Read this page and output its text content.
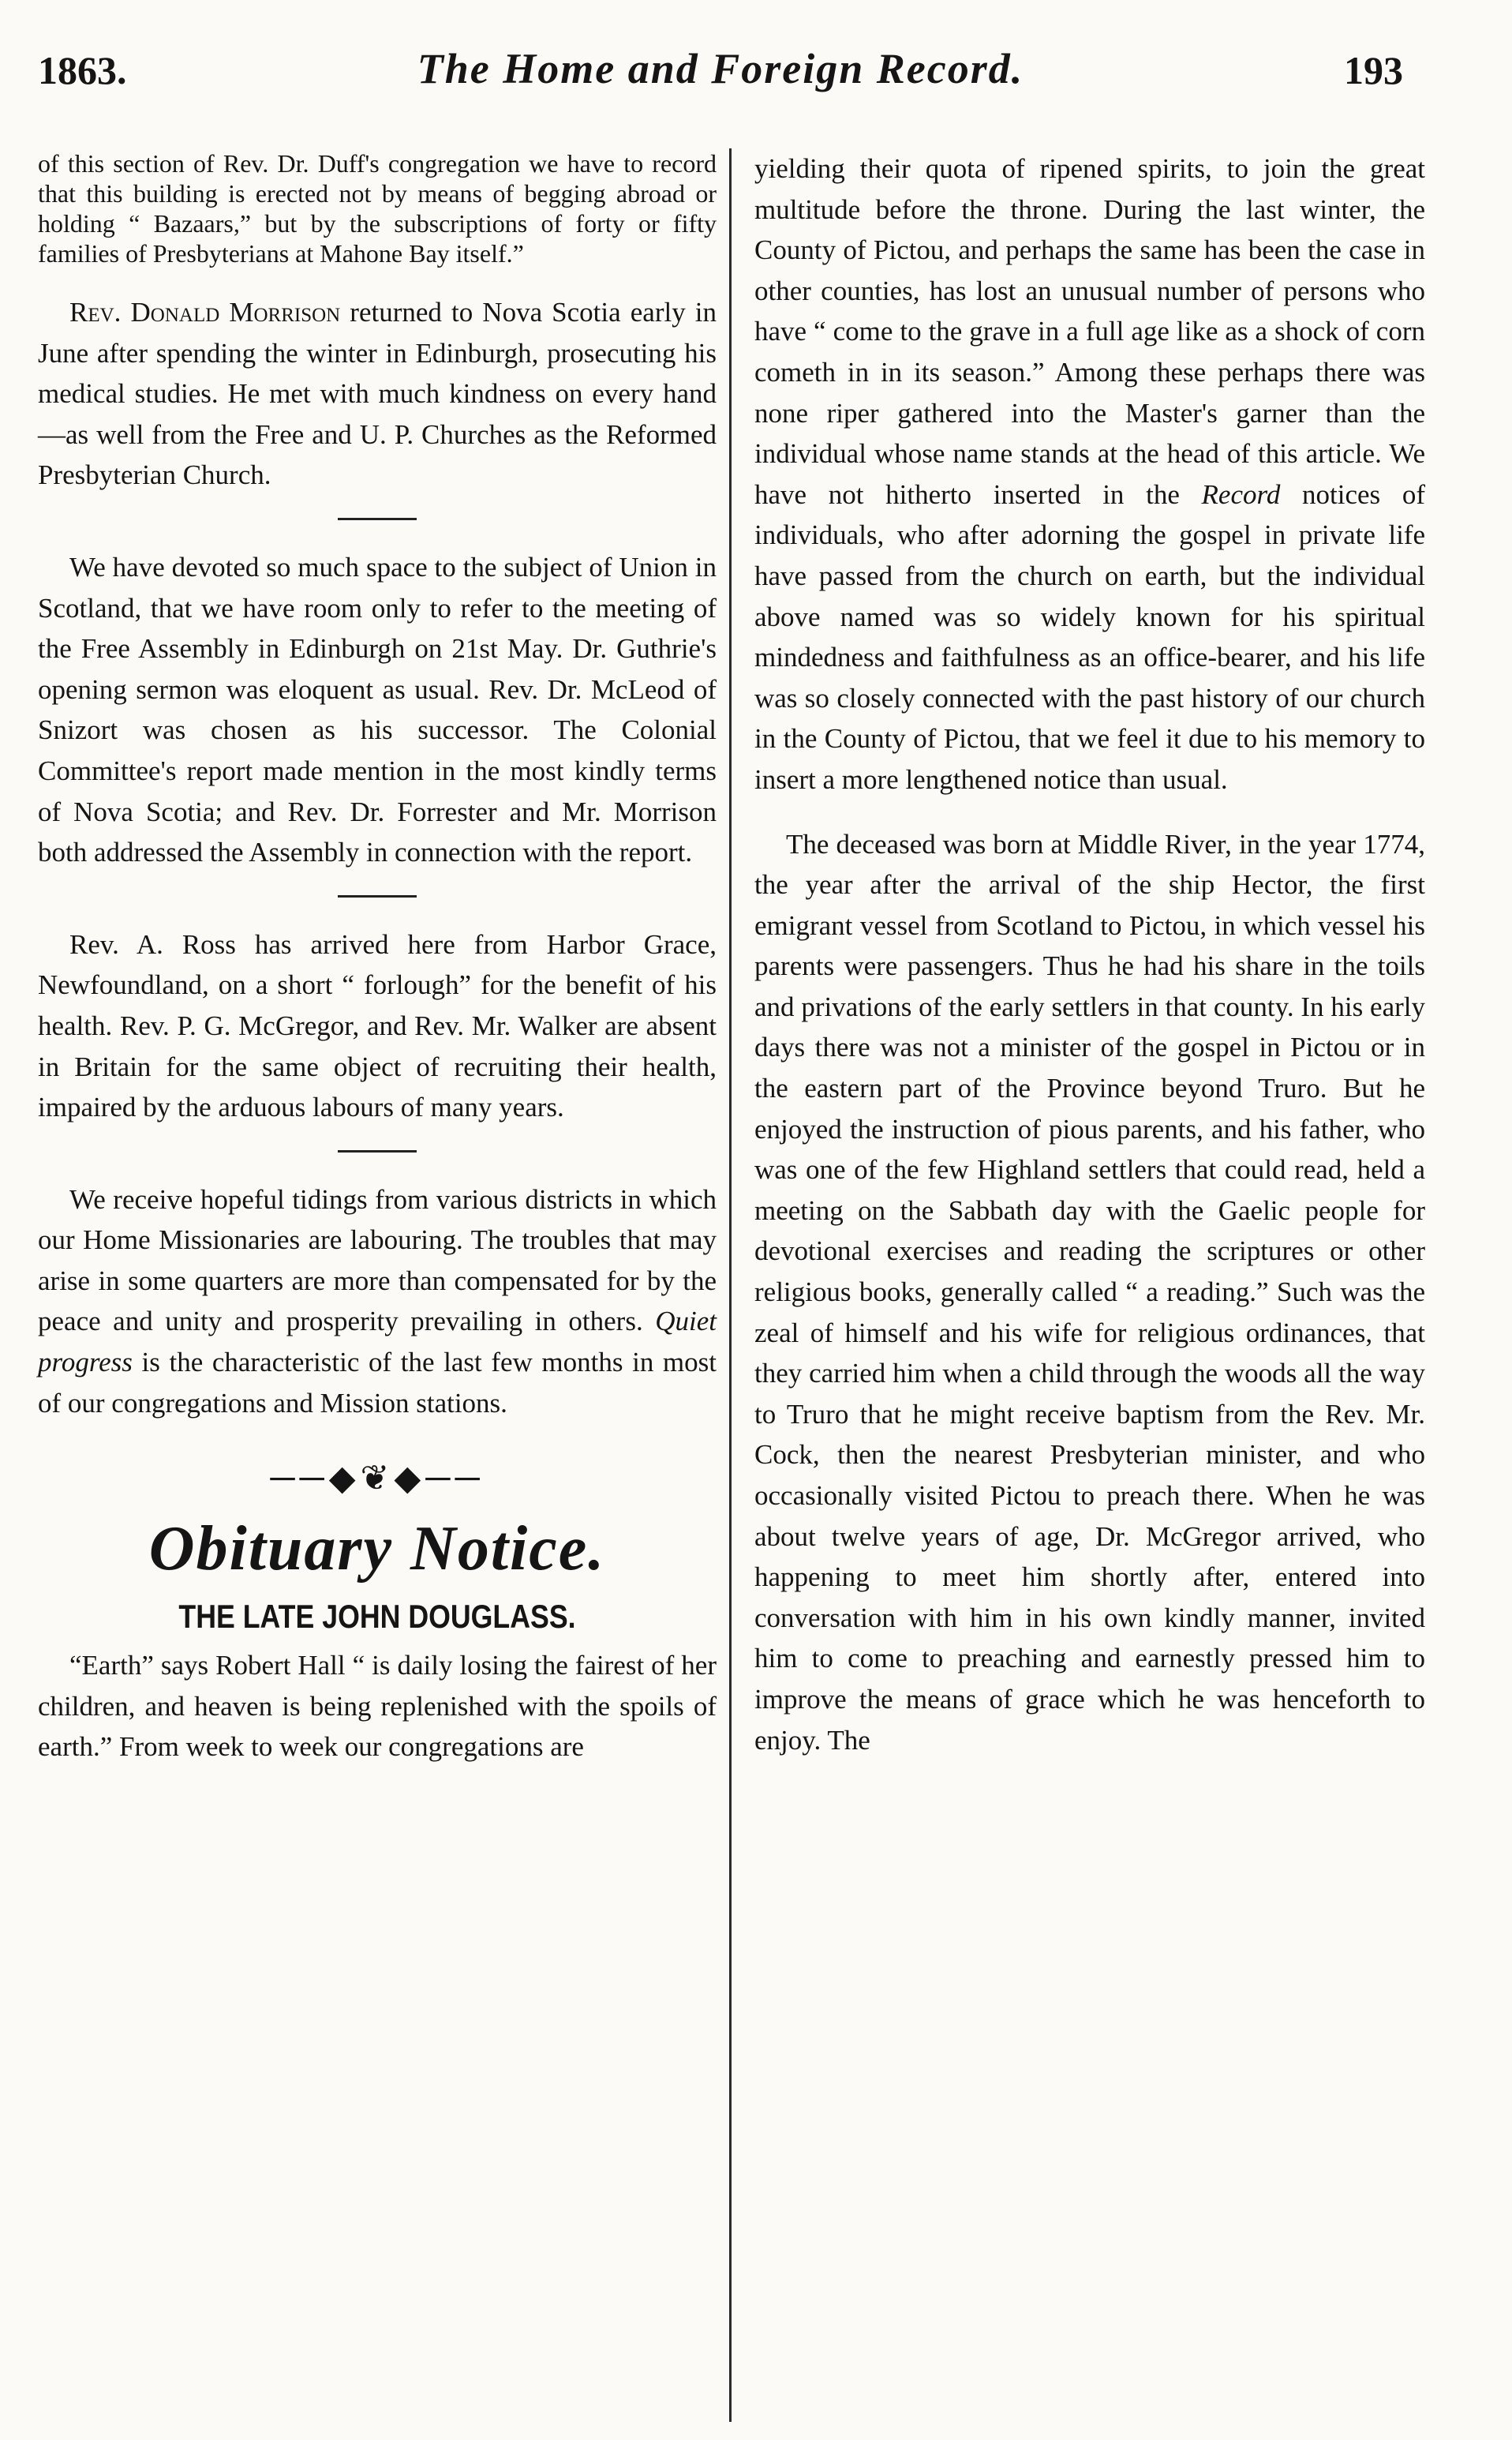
1863.	The Home and Foreign Record.	193

of this section of Rev. Dr. Duff's congregation we have to record that this building is erected not by means of begging abroad or holding “ Bazaars,” but by the subscriptions of forty or fifty families of Presbyterians at Mahone Bay itself.”

Rev. Donald Morrison returned to Nova Scotia early in June after spending the winter in Edinburgh, prosecuting his medical studies. He met with much kindness on every hand—as well from the Free and U. P. Churches as the Reformed Presbyterian Church.

We have devoted so much space to the subject of Union in Scotland, that we have room only to refer to the meeting of the Free Assembly in Edinburgh on 21st May. Dr. Guthrie's opening sermon was eloquent as usual. Rev. Dr. McLeod of Snizort was chosen as his successor. The Colonial Committee's report made mention in the most kindly terms of Nova Scotia; and Rev. Dr. Forrester and Mr. Morrison both addressed the Assembly in connection with the report.

Rev. A. Ross has arrived here from Harbor Grace, Newfoundland, on a short “ forlough” for the benefit of his health. Rev. P. G. McGregor, and Rev. Mr. Walker are absent in Britain for the same object of recruiting their health, impaired by the arduous labours of many years.

We receive hopeful tidings from various districts in which our Home Missionaries are labouring. The troubles that may arise in some quarters are more than compensated for by the peace and unity and prosperity prevailing in others. Quiet progress is the characteristic of the last few months in most of our congregations and Mission stations.

──◆❦◆──
Obituary Notice.
THE LATE JOHN DOUGLASS.

“Earth” says Robert Hall “ is daily losing the fairest of her children, and heaven is being replenished with the spoils of earth.” From week to week our congregations are

yielding their quota of ripened spirits, to join the great multitude before the throne. During the last winter, the County of Pictou, and perhaps the same has been the case in other counties, has lost an unusual number of persons who have “ come to the grave in a full age like as a shock of corn cometh in in its season.” Among these perhaps there was none riper gathered into the Master's garner than the individual whose name stands at the head of this article. We have not hitherto inserted in the Record notices of individuals, who after adorning the gospel in private life have passed from the church on earth, but the individual above named was so widely known for his spiritual mindedness and faithfulness as an office-bearer, and his life was so closely connected with the past history of our church in the County of Pictou, that we feel it due to his memory to insert a more lengthened notice than usual.

The deceased was born at Middle River, in the year 1774, the year after the arrival of the ship Hector, the first emigrant vessel from Scotland to Pictou, in which vessel his parents were passengers. Thus he had his share in the toils and privations of the early settlers in that county. In his early days there was not a minister of the gospel in Pictou or in the eastern part of the Province beyond Truro. But he enjoyed the instruction of pious parents, and his father, who was one of the few Highland settlers that could read, held a meeting on the Sabbath day with the Gaelic people for devotional exercises and reading the scriptures or other religious books, generally called “ a reading.” Such was the zeal of himself and his wife for religious ordinances, that they carried him when a child through the woods all the way to Truro that he might receive baptism from the Rev. Mr. Cock, then the nearest Presbyterian minister, and who occasionally visited Pictou to preach there. When he was about twelve years of age, Dr. McGregor arrived, who happening to meet him shortly after, entered into conversation with him in his own kindly manner, invited him to come to preaching and earnestly pressed him to improve the means of grace which he was henceforth to enjoy. The
